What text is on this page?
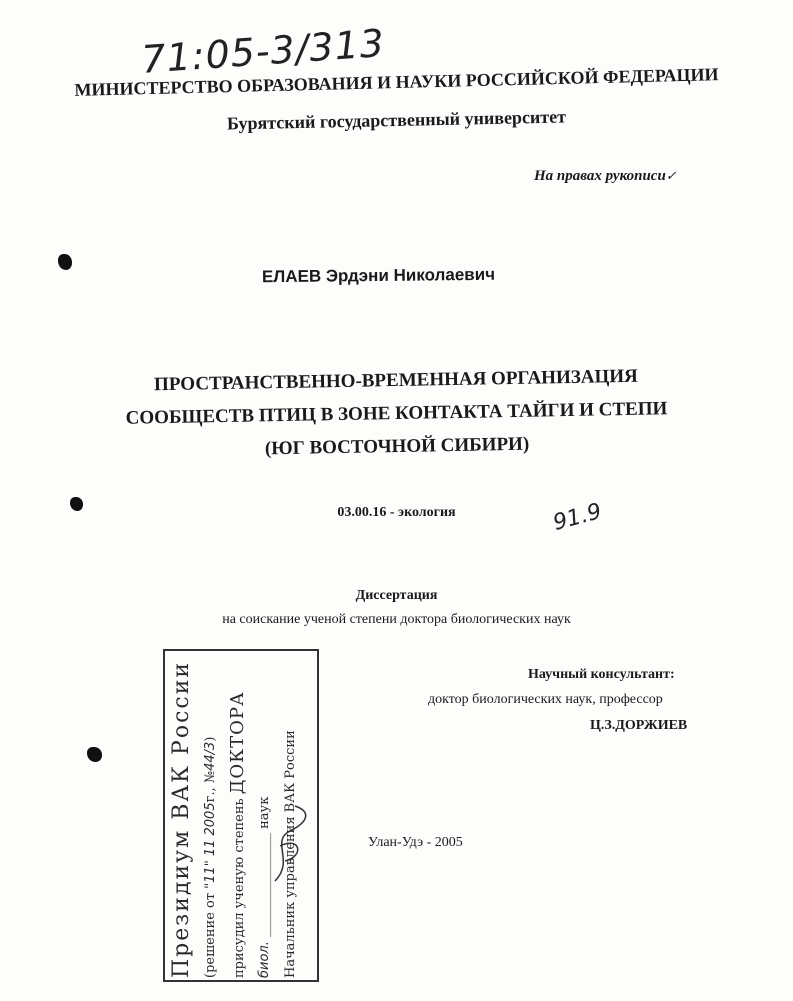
71:05-3/313
МИНИСТЕРСТВО ОБРАЗОВАНИЯ И НАУКИ РОССИЙСКОЙ ФЕДЕРАЦИИ
Бурятский государственный университет
На правах рукописи✓
ЕЛАЕВ Эрдэни Николаевич
ПРОСТРАНСТВЕННО-ВРЕМЕННАЯ ОРГАНИЗАЦИЯ
СООБЩЕСТВ ПТИЦ В ЗОНЕ КОНТАКТА ТАЙГИ И СТЕПИ
(ЮГ ВОСТОЧНОЙ СИБИРИ)
03.00.16 - экология	91.9
Диссертация
на соискание ученой степени доктора биологических наук
Научный консультант:
доктор биологических наук, профессор
Ц.З.ДОРЖИЕВ
Улан-Удэ - 2005
Президиум ВАК России (решение от "11" 11 2005г., №44/3)
присудил ученую степень ДОКТОРА
биол. ________________ наук Начальник управления ВАК России
